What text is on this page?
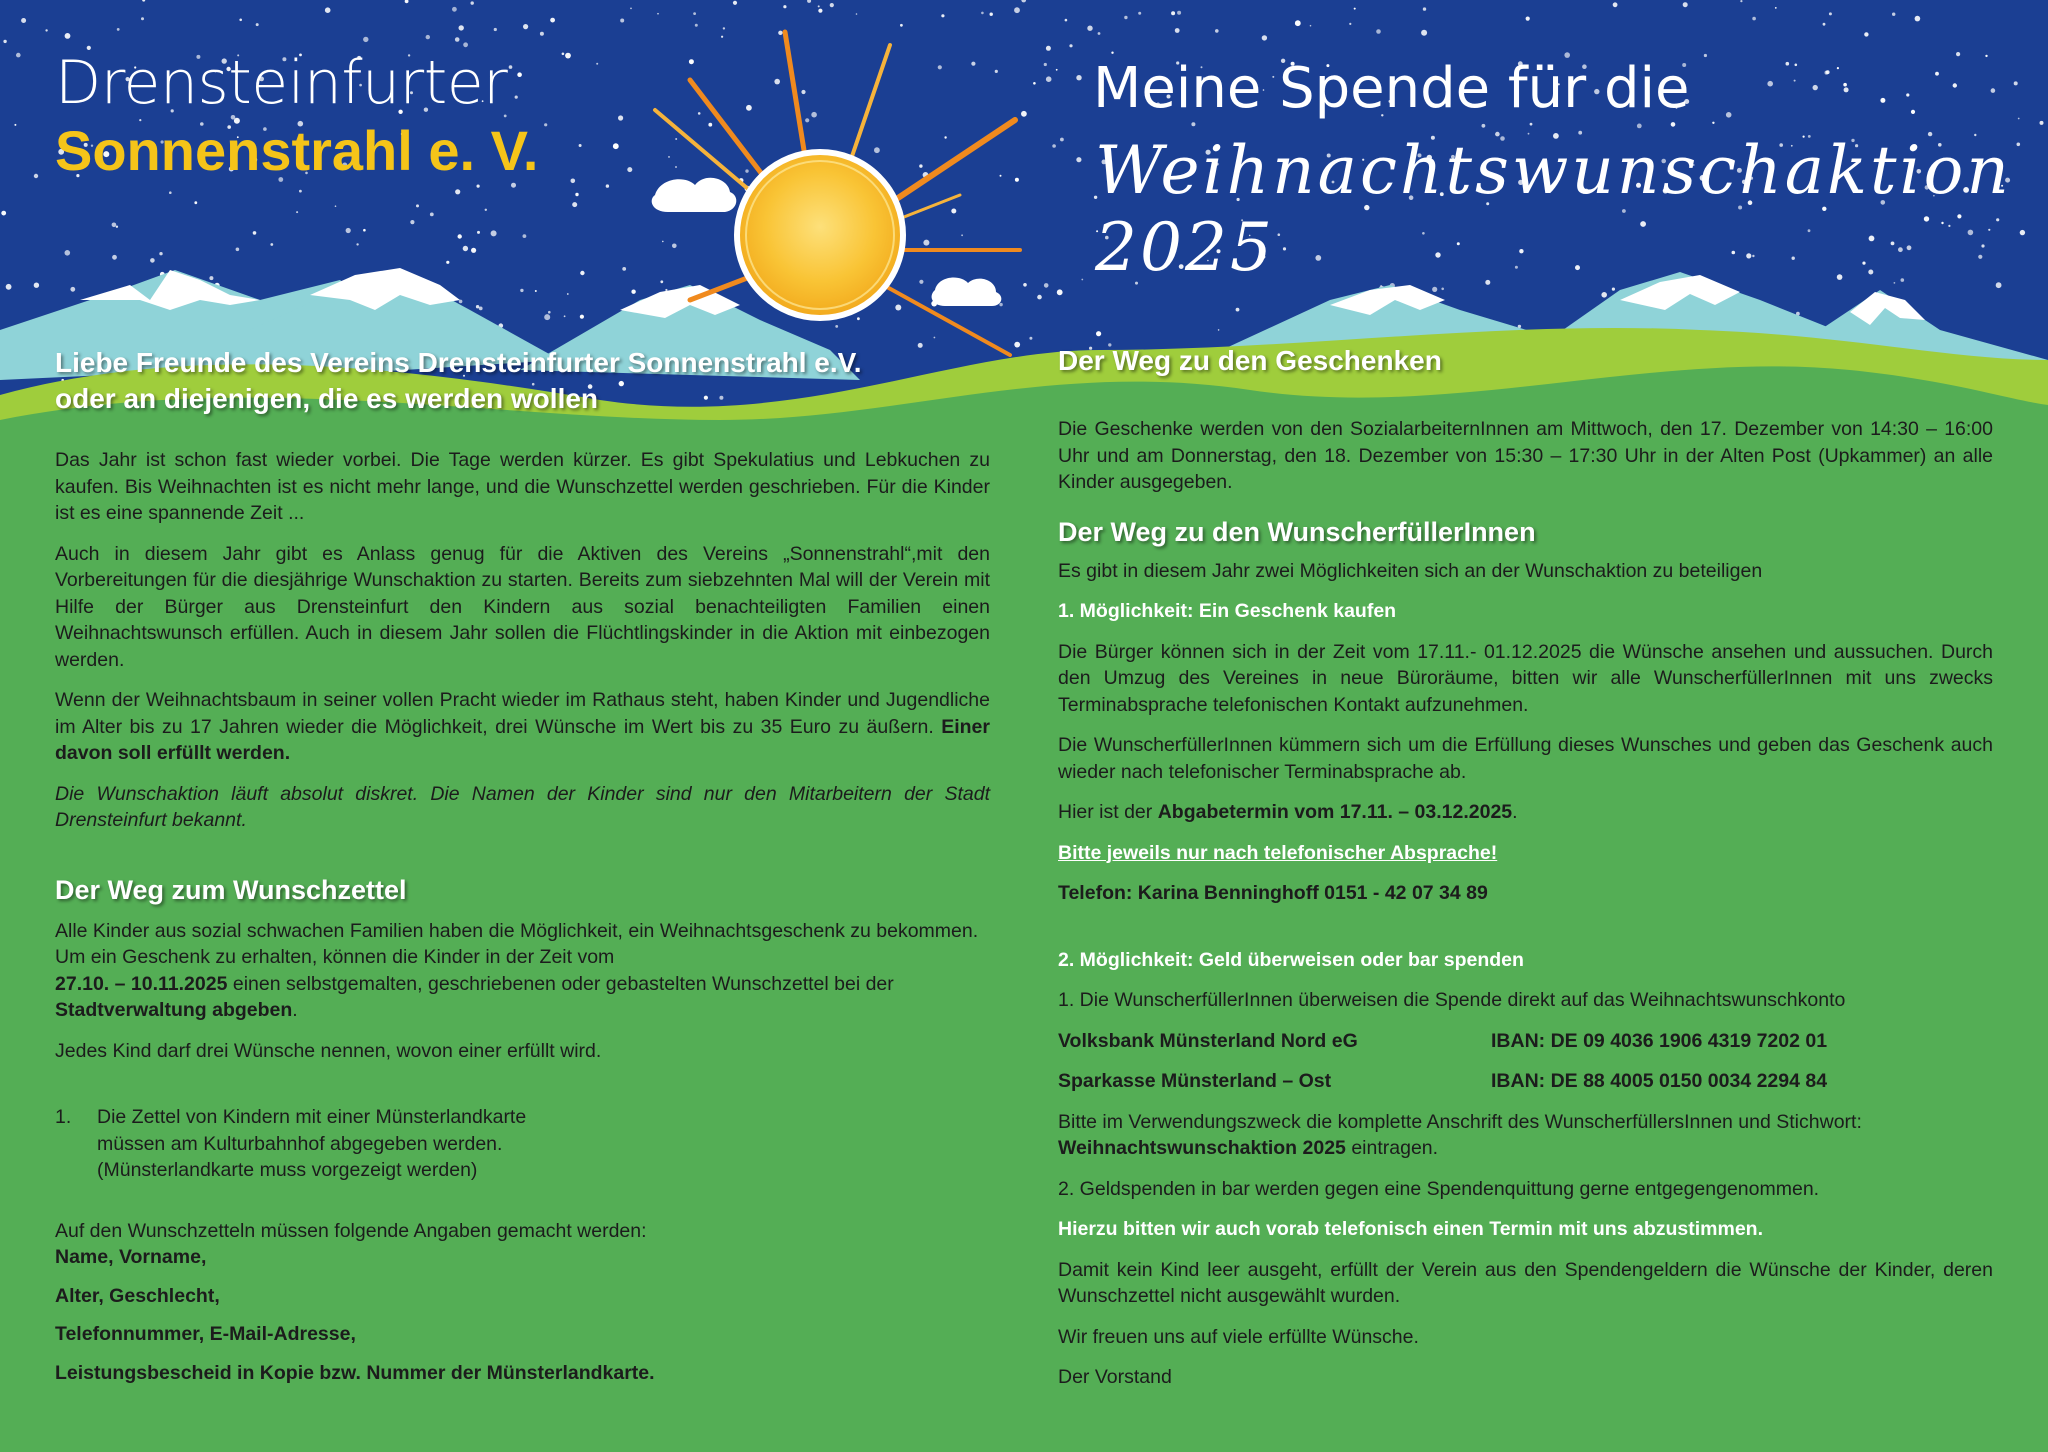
Drensteinfurter
Sonnenstrahl e. V.
Meine Spende für die
Weihnachtswunschaktion 2025
Liebe Freunde des Vereins Drensteinfurter Sonnenstrahl e.V.
oder an diejenigen, die es werden wollen

Das Jahr ist schon fast wieder vorbei. Die Tage werden kürzer. Es gibt Spekulatius und Lebkuchen zu kaufen. Bis Weihnachten ist es nicht mehr lange, und die Wunschzettel werden geschrieben. Für die Kinder ist es eine spannende Zeit ...

Auch in diesem Jahr gibt es Anlass genug für die Aktiven des Vereins „Sonnenstrahl“,mit den Vorbereitungen für die diesjährige Wunschaktion zu starten. Bereits zum siebzehnten Mal will der Verein mit Hilfe der Bürger aus Drensteinfurt den Kindern aus sozial benachteiligten Familien einen Weihnachtswunsch erfüllen. Auch in diesem Jahr sollen die Flüchtlingskinder in die Aktion mit einbezogen werden.

Wenn der Weihnachtsbaum in seiner vollen Pracht wieder im Rathaus steht, haben Kinder und Jugendliche im Alter bis zu 17 Jahren wieder die Möglichkeit, drei Wünsche im Wert bis zu 35 Euro zu äußern. Einer davon soll erfüllt werden.

Die Wunschaktion läuft absolut diskret. Die Namen der Kinder sind nur den Mitarbeitern der Stadt Drensteinfurt bekannt.

Der Weg zum Wunschzettel

Alle Kinder aus sozial schwachen Familien haben die Möglichkeit, ein Weihnachtsgeschenk zu bekommen. Um ein Geschenk zu erhalten, können die Kinder in der Zeit vom
27.10. – 10.11.2025 einen selbstgemalten, geschriebenen oder gebastelten Wunschzettel bei der Stadtverwaltung abgeben.

Jedes Kind darf drei Wünsche nennen, wovon einer erfüllt wird.

1.	Die Zettel von Kindern mit einer Münsterlandkarte
müssen am Kulturbahnhof abgegeben werden.
(Münsterlandkarte muss vorgezeigt werden)

Auf den Wunschzetteln müssen folgende Angaben gemacht werden:

Name, Vorname,

Alter, Geschlecht,

Telefonnummer, E-Mail-Adresse,

Leistungsbescheid in Kopie bzw. Nummer der Münsterlandkarte.

Der Weg zu den Geschenken

Die Geschenke werden von den SozialarbeiternInnen am Mittwoch, den 17. Dezember von 14:30 – 16:00 Uhr und am Donnerstag, den 18. Dezember von 15:30 – 17:30 Uhr in der Alten Post (Upkammer) an alle Kinder ausgegeben.

Der Weg zu den WunscherfüllerInnen

Es gibt in diesem Jahr zwei Möglichkeiten sich an der Wunschaktion zu beteiligen

1. Möglichkeit: Ein Geschenk kaufen

Die Bürger können sich in der Zeit vom 17.11.- 01.12.2025 die Wünsche ansehen und aussuchen. Durch den Umzug des Vereines in neue Büroräume, bitten wir alle WunscherfüllerInnen mit uns zwecks Terminabsprache telefonischen Kontakt aufzunehmen.

Die WunscherfüllerInnen kümmern sich um die Erfüllung dieses Wunsches und geben das Geschenk auch wieder nach telefonischer Terminabsprache ab.

Hier ist der Abgabetermin vom 17.11. – 03.12.2025.

Bitte jeweils nur nach telefonischer Absprache!

Telefon: Karina Benninghoff 0151 - 42 07 34 89

2. Möglichkeit: Geld überweisen oder bar spenden

1. Die WunscherfüllerInnen überweisen die Spende direkt auf das Weihnachtswunschkonto

Volksbank Münsterland Nord eG	IBAN: DE 09 4036 1906 4319 7202 01
Sparkasse Münsterland – Ost	IBAN: DE 88 4005 0150 0034 2294 84

Bitte im Verwendungszweck die komplette Anschrift des WunscherfüllersInnen und Stichwort:
Weihnachtswunschaktion 2025 eintragen.

2. Geldspenden in bar werden gegen eine Spendenquittung gerne entgegengenommen.

Hierzu bitten wir auch vorab telefonisch einen Termin mit uns abzustimmen.

Damit kein Kind leer ausgeht, erfüllt der Verein aus den Spendengeldern die Wünsche der Kinder, deren Wunschzettel nicht ausgewählt wurden.

Wir freuen uns auf viele erfüllte Wünsche.

Der Vorstand
